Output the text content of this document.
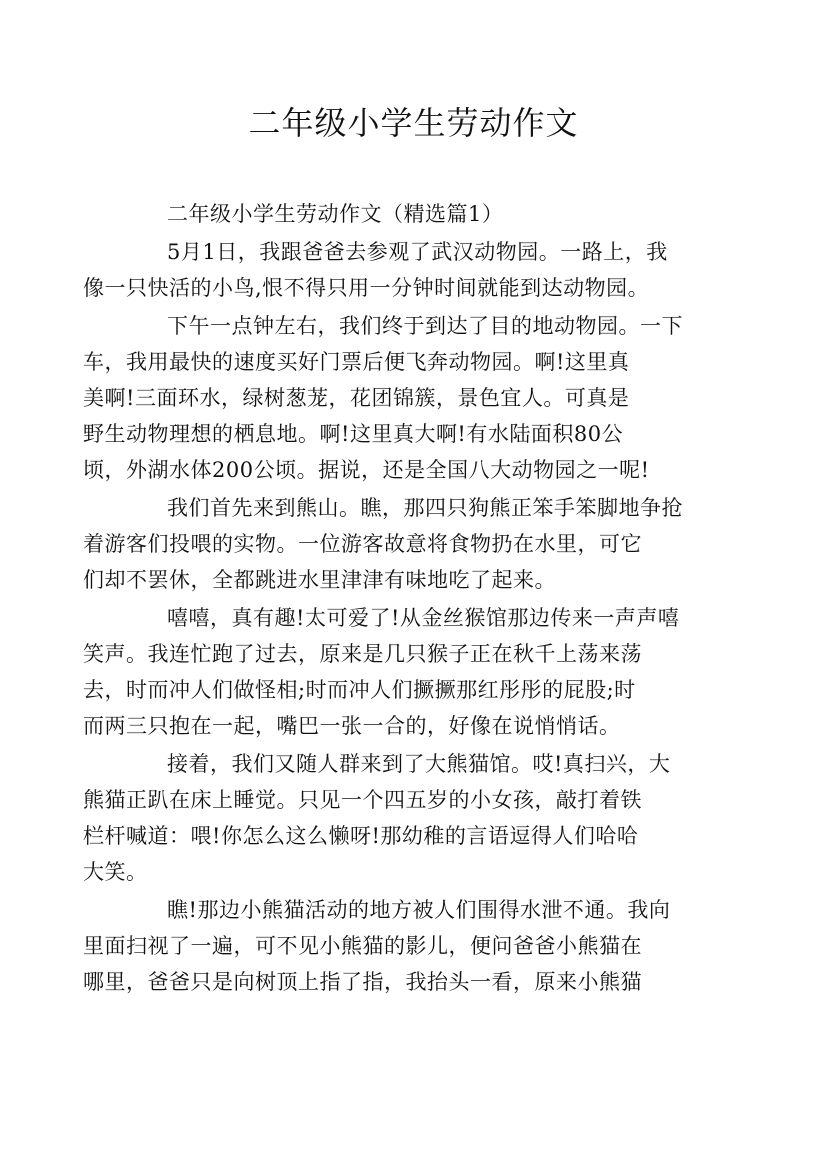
二年级小学生劳动作文

二年级小学生劳动作文（精选篇1）

5月1日，我跟爸爸去参观了武汉动物园。一路上，我
像一只快活的小鸟,恨不得只用一分钟时间就能到达动物园。

下午一点钟左右，我们终于到达了目的地动物园。一下
车，我用最快的速度买好门票后便飞奔动物园。啊!这里真
美啊!三面环水，绿树葱茏，花团锦簇，景色宜人。可真是
野生动物理想的栖息地。啊!这里真大啊!有水陆面积80公
顷，外湖水体200公顷。据说，还是全国八大动物园之一呢!

我们首先来到熊山。瞧，那四只狗熊正笨手笨脚地争抢
着游客们投喂的实物。一位游客故意将食物扔在水里，可它
们却不罢休，全都跳进水里津津有味地吃了起来。

嘻嘻，真有趣!太可爱了!从金丝猴馆那边传来一声声嘻
笑声。我连忙跑了过去，原来是几只猴子正在秋千上荡来荡
去，时而冲人们做怪相;时而冲人们撅撅那红彤彤的屁股;时
而两三只抱在一起，嘴巴一张一合的，好像在说悄悄话。

接着，我们又随人群来到了大熊猫馆。哎!真扫兴，大
熊猫正趴在床上睡觉。只见一个四五岁的小女孩，敲打着铁
栏杆喊道：喂!你怎么这么懒呀!那幼稚的言语逗得人们哈哈
大笑。

瞧!那边小熊猫活动的地方被人们围得水泄不通。我向
里面扫视了一遍，可不见小熊猫的影儿，便问爸爸小熊猫在
哪里，爸爸只是向树顶上指了指，我抬头一看，原来小熊猫
